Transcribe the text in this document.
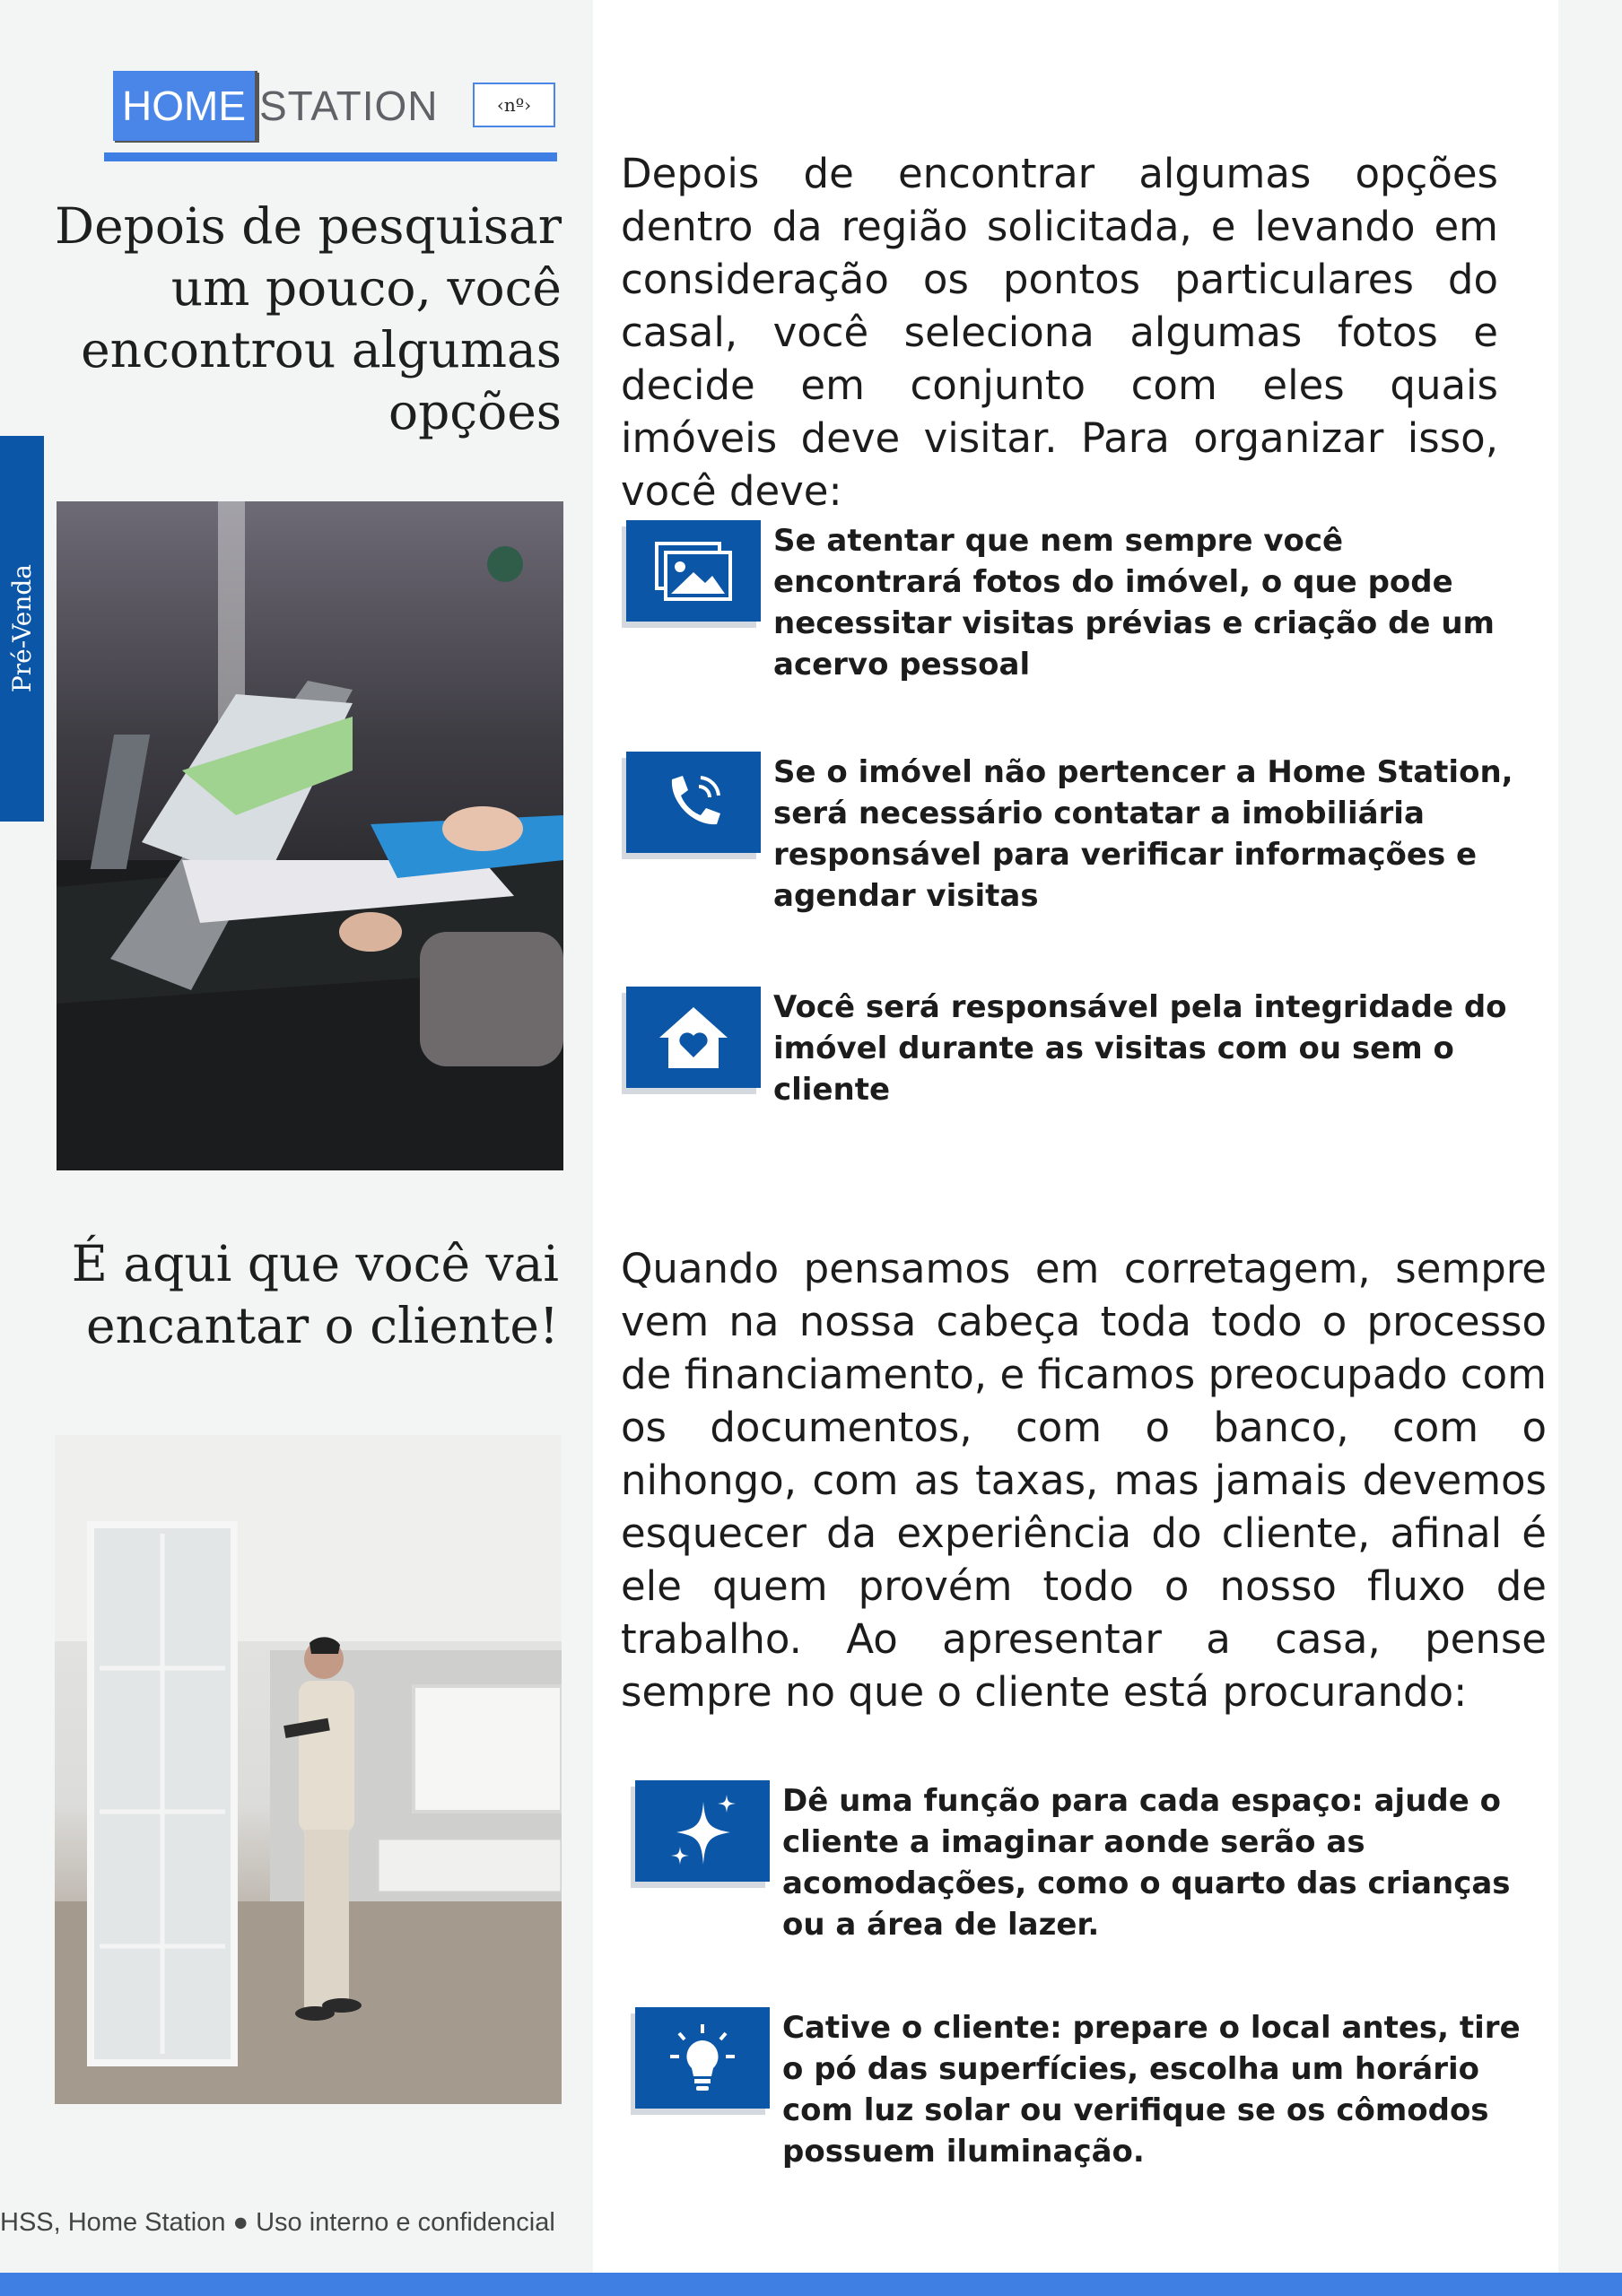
HOME STATION	‹nº›
Pré-Venda
Depois de pesquisar um pouco, você encontrou algumas opções
Depois de encontrar algumas opções dentro da região solicitada, e levando em consideração os pontos particulares do casal, você seleciona algumas fotos e decide em conjunto com eles quais imóveis deve visitar. Para organizar isso, você deve:
Se atentar que nem sempre você encontrará fotos do imóvel, o que pode necessitar visitas prévias e criação de um acervo pessoal
Se o imóvel não pertencer a Home Station, será necessário contatar a imobiliária responsável para verificar informações e agendar visitas
Você será responsável pela integridade do imóvel durante as visitas com ou sem o cliente
É aqui que você vai encantar o cliente!
Quando pensamos em corretagem, sempre vem na nossa cabeça toda todo o processo de financiamento, e ficamos preocupado com os documentos, com o banco, com o nihongo, com as taxas, mas jamais devemos esquecer da experiência do cliente, afinal é ele quem provém todo o nosso fluxo de trabalho. Ao apresentar a casa, pense sempre no que o cliente está procurando:
Dê uma função para cada espaço: ajude o cliente a imaginar aonde serão as acomodações, como o quarto das crianças ou a área de lazer.
Cative o cliente: prepare o local antes, tire o pó das superfícies, escolha um horário com luz solar ou verifique se os cômodos possuem iluminação.
HSS, Home Station ● Uso interno e confidencial
